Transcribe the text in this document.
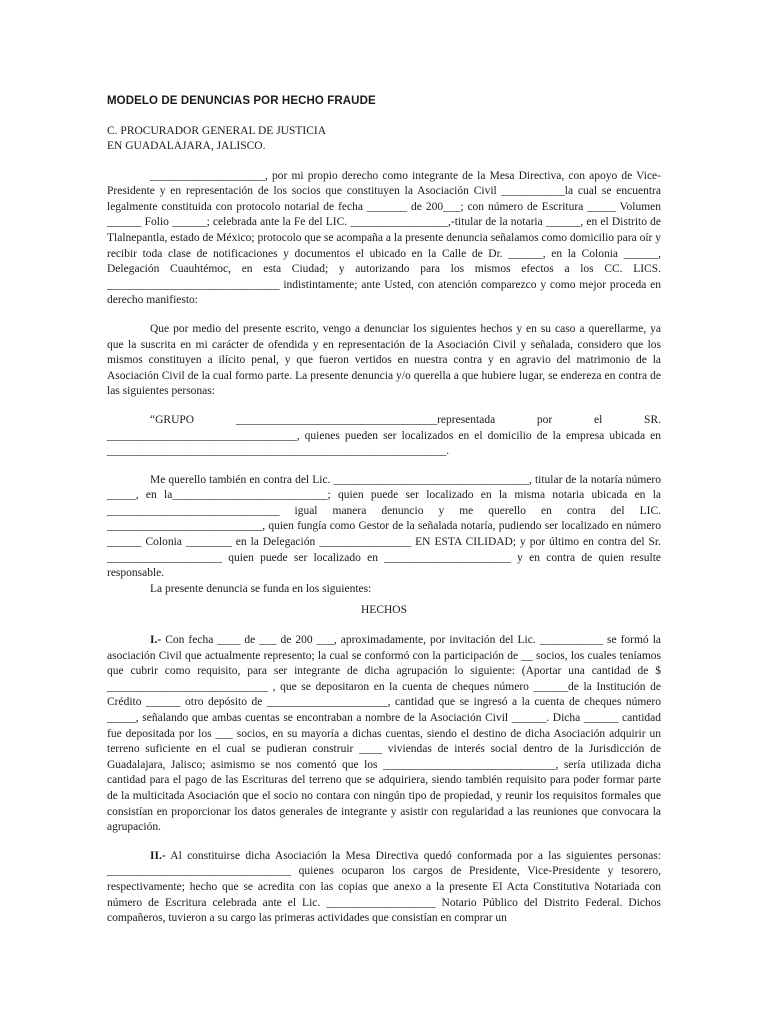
MODELO DE DENUNCIAS POR HECHO FRAUDE
C. PROCURADOR GENERAL DE JUSTICIA
EN GUADALAJARA, JALISCO.

____________________, por mi propio derecho como integrante de la Mesa Directiva, con apoyo de Vice-Presidente y en representación de los socios que constituyen la Asociación Civil ___________la cual se encuentra legalmente constituida con protocolo notarial de fecha _______ de 200___; con número de Escritura _____ Volumen ______ Folio ______; celebrada ante la Fe del LIC. _________________,-titular de la notaria ______, en el Distrito de Tlalnepantla, estado de México; protocolo que se acompaña a la presente denuncia señalamos como domicilio para oír y recibir toda clase de notificaciones y documentos el ubicado en la Calle de Dr. ______, en la Colonia ______, Delegación Cuauhtémoc, en esta Ciudad; y autorizando para los mismos efectos a los CC. LICS. ______________________________ indistintamente; ante Usted, con atención comparezco y como mejor proceda en derecho manifiesto:

Que por medio del presente escrito, vengo a denunciar los siguientes hechos y en su caso a querellarme, ya que la suscrita en mi carácter de ofendida y en representación de la Asociación Civil y señalada, considero que los mismos constituyen a ilícito penal, y que fueron vertidos en nuestra contra y en agravio del matrimonio de la Asociación Civil de la cual formo parte. La presente denuncia y/o querella a que hubiere lugar, se endereza en contra de las siguientes personas:

“GRUPO ___________________________________representada por el SR. _________________________________, quienes pueden ser localizados en el domicilio de la empresa ubicada en ___________________________________________________________.

Me querello también en contra del Lic. __________________________________, titular de la notaría número _____, en la___________________________; quien puede ser localizado en la misma notaria ubicada en la ______________________________ igual manera denuncio y me querello en contra del LIC. ___________________________, quien fungía como Gestor de la señalada notaría, pudiendo ser localizado en número ______ Colonia ________ en la Delegación ________________ EN ESTA CILIDAD; y por último en contra del Sr. ____________________ quien puede ser localizado en ______________________ y en contra de quien resulte responsable.

La presente denuncia se funda en los siguientes:

HECHOS

I.- Con fecha ____ de ___ de 200 ___, aproximadamente, por invitación del Lic. ___________ se formó la asociación Civil que actualmente represento; la cual se conformó con la participación de __ socios, los cuales teníamos que cubrir como requisito, para ser integrante de dicha agrupación lo siguiente: (Aportar una cantidad de $ ____________________________ , que se depositaron en la cuenta de cheques número ______de la Institución de Crédito ______ otro depósito de _____________________, cantidad que se ingresó a la cuenta de cheques número _____, señalando que ambas cuentas se encontraban a nombre de la Asociación Civil ______. Dicha ______ cantidad fue depositada por los ___ socios, en su mayoría a dichas cuentas, siendo el destino de dicha Asociación adquirir un terreno suficiente en el cual se pudieran construir ____ viviendas de interés social dentro de la Jurisdicción de Guadalajara, Jalisco; asimismo se nos comentó que los ______________________________, sería utilizada dicha cantidad para el pago de las Escrituras del terreno que se adquiriera, siendo también requisito para poder formar parte de la multicitada Asociación que el socio no contara con ningún tipo de propiedad, y reunir los requisitos formales que consistían en proporcionar los datos generales de integrante y asistir con regularidad a las reuniones que convocara la agrupación.

II.- Al constituirse dicha Asociación la Mesa Directiva quedó conformada por a las siguientes personas: ________________________________ quienes ocuparon los cargos de Presidente, Vice-Presidente y tesorero, respectivamente; hecho que se acredita con las copias que anexo a la presente El Acta Constitutiva Notariada con número de Escritura celebrada ante el Lic. ___________________ Notario Público del Distrito Federal. Dichos compañeros, tuvieron a su cargo las primeras actividades que consistían en comprar un
